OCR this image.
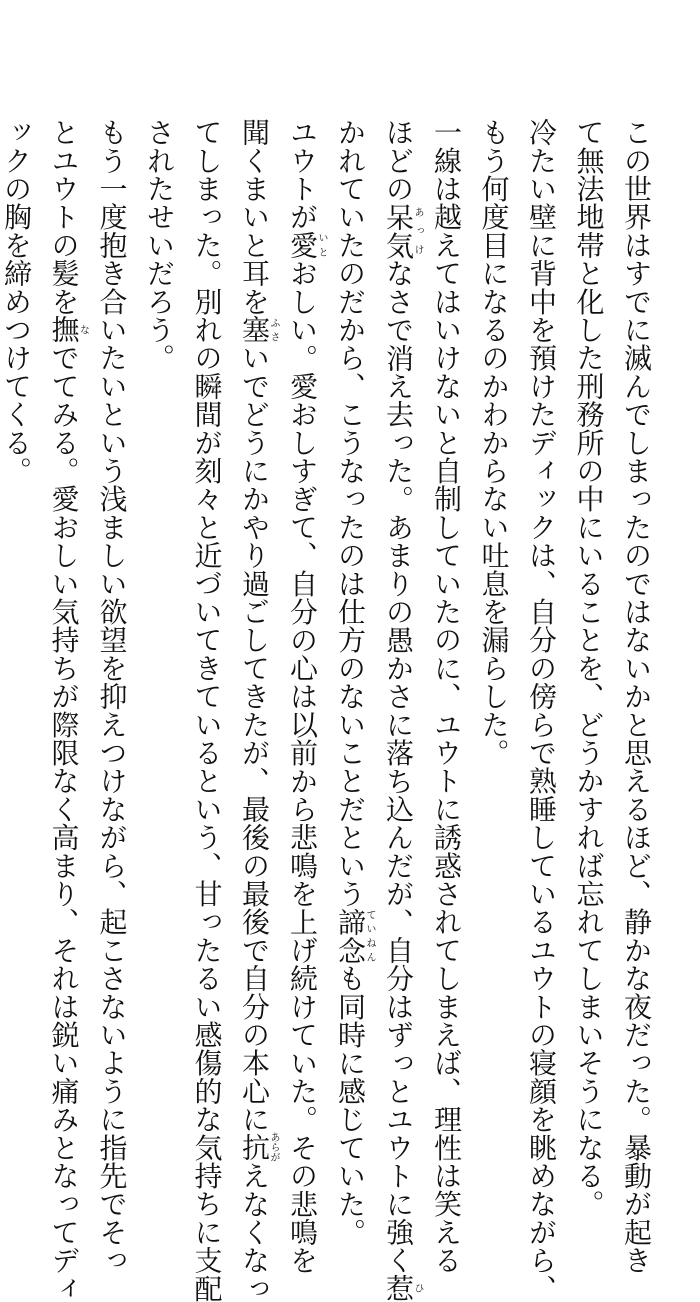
この世界はすでに滅んでしまったのではないかと思えるほど、静かな夜だった。暴動が起き
て無法地帯と化した刑務所の中にいることを、どうかすれば忘れてしまいそうになる。
冷たい壁に背中を預けたディックは、自分の傍らで熟睡しているユウトの寝顔を眺めながら、
もう何度目になるのかわからない吐息を漏らした。
一線は越えてはいけないと自制していたのに、ユウトに誘惑されてしまえば、理性は笑える
ほどの呆気あっけなさで消え去った。あまりの愚かさに落ち込んだが、自分はずっとユウトに強く惹ひ
かれていたのだから、こうなったのは仕方のないことだという諦念ていねんも同時に感じていた。
ユウトが愛いとおしい。愛おしすぎて、自分の心は以前から悲鳴を上げ続けていた。その悲鳴を
聞くまいと耳を塞ふさいでどうにかやり過ごしてきたが、最後の最後で自分の本心に抗あらがえなくなっ
てしまった。別れの瞬間が刻々と近づいてきているという、甘ったるい感傷的な気持ちに支配
されたせいだろう。
もう一度抱き合いたいという浅ましい欲望を抑えつけながら、起こさないように指先でそっ
とユウトの髪を撫なでてみる。愛おしい気持ちが際限なく高まり、それは鋭い痛みとなってディ
ックの胸を締めつけてくる。
